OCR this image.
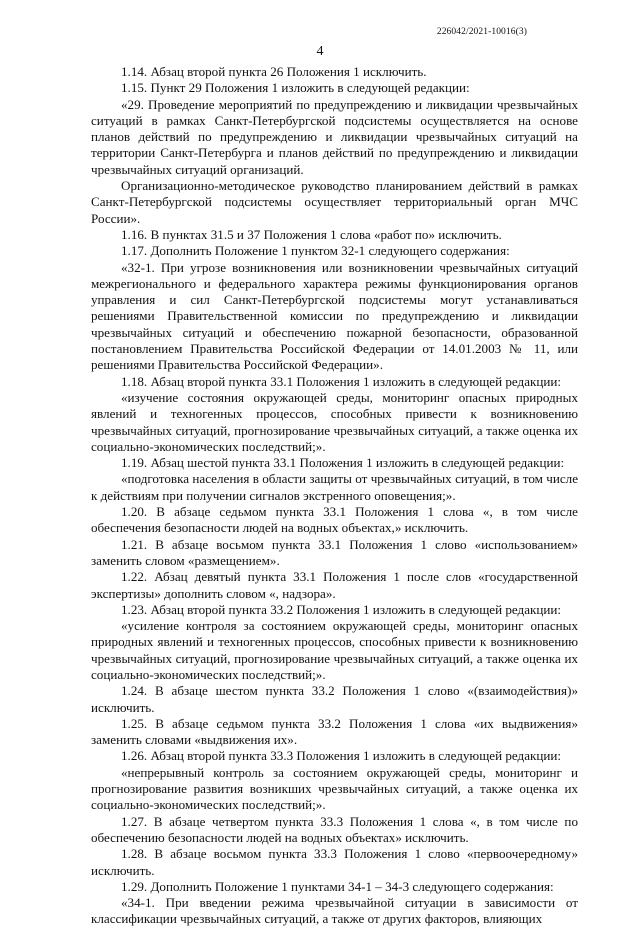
226042/2021-10016(3)
4

1.14. Абзац второй пункта 26 Положения 1 исключить.

1.15. Пункт 29 Положения 1 изложить в следующей редакции:

«29. Проведение мероприятий по предупреждению и ликвидации чрезвычайных ситуаций в рамках Санкт-Петербургской подсистемы осуществляется на основе планов действий по предупреждению и ликвидации чрезвычайных ситуаций на территории Санкт-Петербурга и планов действий по предупреждению и ликвидации чрезвычайных ситуаций организаций.

Организационно-методическое руководство планированием действий в рамках Санкт-Петербургской подсистемы осуществляет территориальный орган МЧС России».

1.16. В пунктах 31.5 и 37 Положения 1 слова «работ по» исключить.

1.17. Дополнить Положение 1 пунктом 32-1 следующего содержания:

«32-1. При угрозе возникновения или возникновении чрезвычайных ситуаций межрегионального и федерального характера режимы функционирования органов управления и сил Санкт-Петербургской подсистемы могут устанавливаться решениями Правительственной комиссии по предупреждению и ликвидации чрезвычайных ситуаций и обеспечению пожарной безопасности, образованной постановлением Правительства Российской Федерации от 14.01.2003 № 11, или решениями Правительства Российской Федерации».

1.18. Абзац второй пункта 33.1 Положения 1 изложить в следующей редакции:

«изучение состояния окружающей среды, мониторинг опасных природных явлений и техногенных процессов, способных привести к возникновению чрезвычайных ситуаций, прогнозирование чрезвычайных ситуаций, а также оценка их социально-экономических последствий;».

1.19. Абзац шестой пункта 33.1 Положения 1 изложить в следующей редакции:

«подготовка населения в области защиты от чрезвычайных ситуаций, в том числе к действиям при получении сигналов экстренного оповещения;».

1.20. В абзаце седьмом пункта 33.1 Положения 1 слова «, в том числе обеспечения безопасности людей на водных объектах,» исключить.

1.21. В абзаце восьмом пункта 33.1 Положения 1 слово «использованием» заменить словом «размещением».

1.22. Абзац девятый пункта 33.1 Положения 1 после слов «государственной экспертизы» дополнить словом «, надзора».

1.23. Абзац второй пункта 33.2 Положения 1 изложить в следующей редакции:

«усиление контроля за состоянием окружающей среды, мониторинг опасных природных явлений и техногенных процессов, способных привести к возникновению чрезвычайных ситуаций, прогнозирование чрезвычайных ситуаций, а также оценка их социально-экономических последствий;».

1.24. В абзаце шестом пункта 33.2 Положения 1 слово «(взаимодействия)» исключить.

1.25. В абзаце седьмом пункта 33.2 Положения 1 слова «их выдвижения» заменить словами «выдвижения их».

1.26. Абзац второй пункта 33.3 Положения 1 изложить в следующей редакции:

«непрерывный контроль за состоянием окружающей среды, мониторинг и прогнозирование развития возникших чрезвычайных ситуаций, а также оценка их социально-экономических последствий;».

1.27. В абзаце четвертом пункта 33.3 Положения 1 слова «, в том числе по обеспечению безопасности людей на водных объектах» исключить.

1.28. В абзаце восьмом пункта 33.3 Положения 1 слово «первоочередному» исключить.

1.29. Дополнить Положение 1 пунктами 34-1 – 34-3 следующего содержания:

«34-1. При введении режима чрезвычайной ситуации в зависимости от классификации чрезвычайных ситуаций, а также от других факторов, влияющих
